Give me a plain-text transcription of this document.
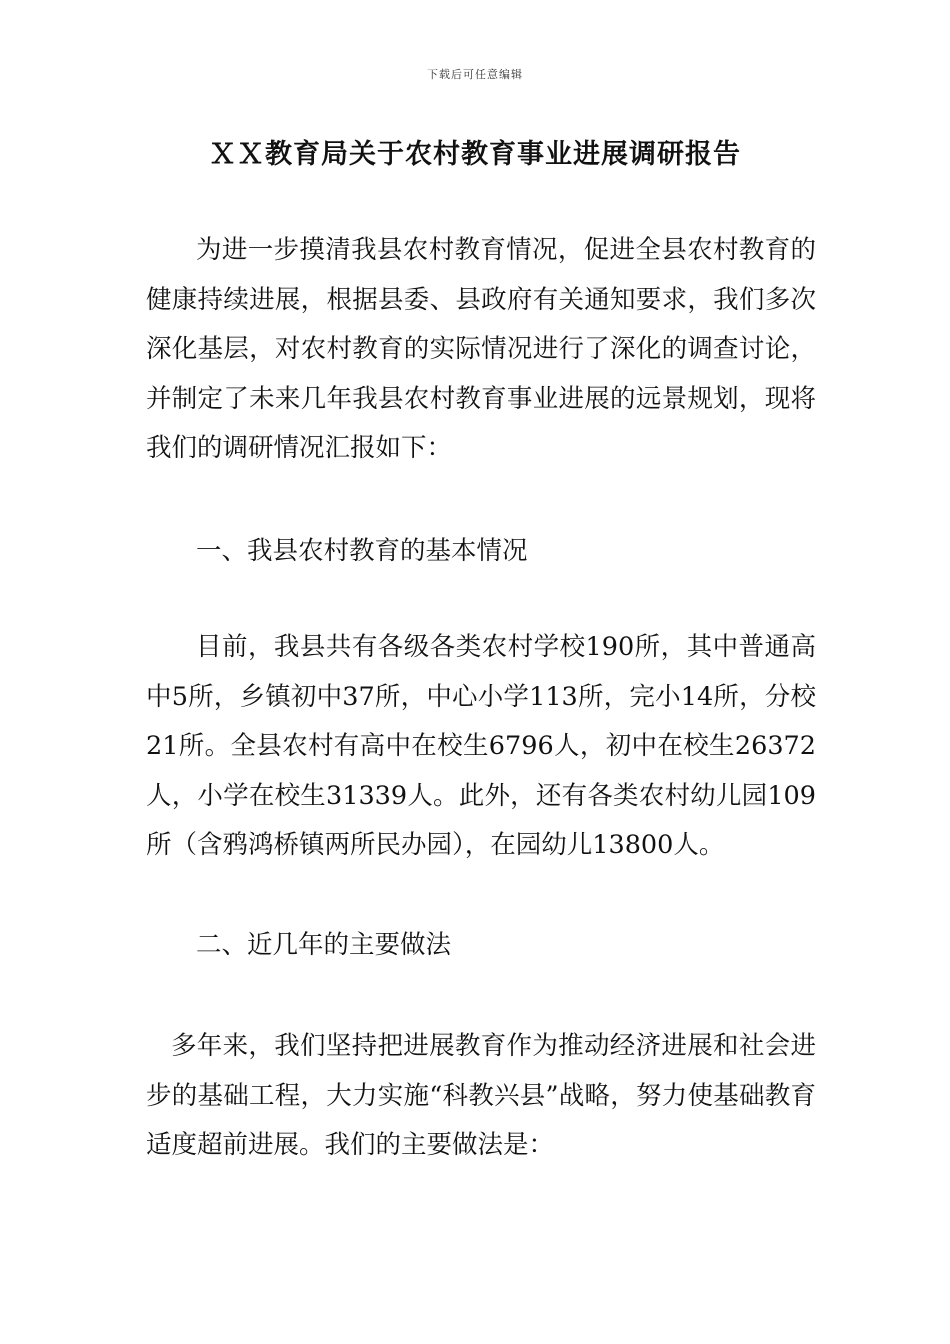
下载后可任意编辑
ＸＸ教育局关于农村教育事业进展调研报告

为进一步摸清我县农村教育情况，促进全县农村教育的健康持续进展，根据县委、县政府有关通知要求，我们多次深化基层，对农村教育的实际情况进行了深化的调查讨论，并制定了未来几年我县农村教育事业进展的远景规划，现将我们的调研情况汇报如下：

一、我县农村教育的基本情况

目前，我县共有各级各类农村学校190所，其中普通高中5所，乡镇初中37所，中心小学113所，完小14所，分校21所。全县农村有高中在校生6796人，初中在校生26372人，小学在校生31339人。此外，还有各类农村幼儿园109所（含鸦鸿桥镇两所民办园），在园幼儿13800人。

二、近几年的主要做法

多年来，我们坚持把进展教育作为推动经济进展和社会进步的基础工程，大力实施“科教兴县”战略，努力使基础教育适度超前进展。我们的主要做法是：
